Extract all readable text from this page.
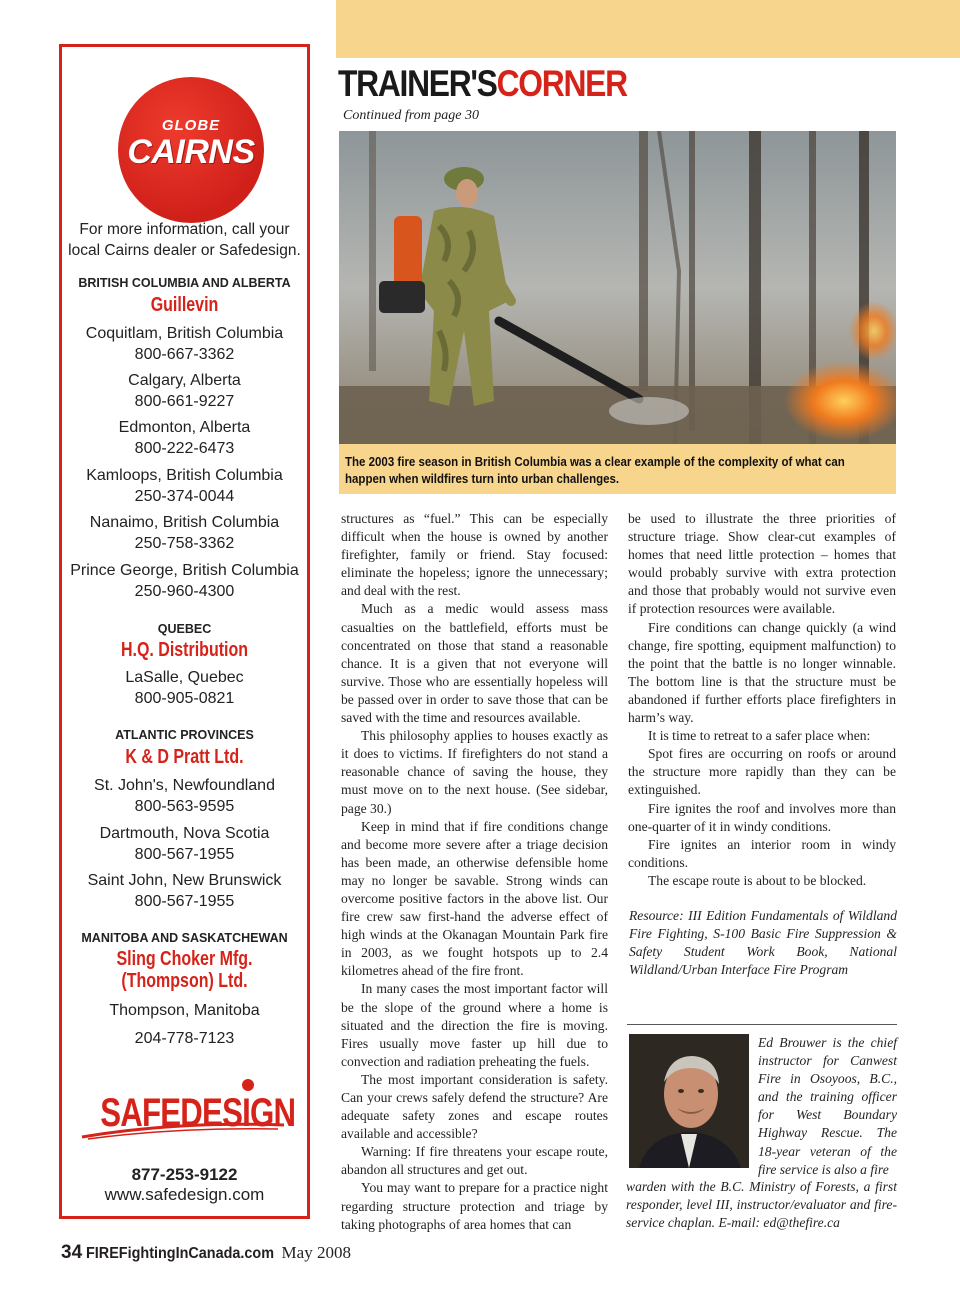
TRAINER'SCORNER
Continued from page 30
GLOBE
CAIRNS
For more information, call your
local Cairns dealer or Safedesign.
BRITISH COLUMBIA AND ALBERTA
Guillevin
Coquitlam, British Columbia
800-667-3362
Calgary, Alberta
800-661-9227
Edmonton, Alberta
800-222-6473
Kamloops, British Columbia
250-374-0044
Nanaimo, British Columbia
250-758-3362
Prince George, British Columbia
250-960-4300
QUEBEC
H.Q. Distribution
LaSalle, Quebec
800-905-0821
ATLANTIC PROVINCES
K & D Pratt Ltd.
St. John's, Newfoundland
800-563-9595
Dartmouth, Nova Scotia
800-567-1955
Saint John, New Brunswick
800-567-1955
MANITOBA AND SASKATCHEWAN
Sling Choker Mfg.
(Thompson) Ltd.
Thompson, Manitoba
204-778-7123
SAFEDESIGN
877-253-9122
www.safedesign.com
The 2003 fire season in British Columbia was a clear example of the complexity of what can happen when wildfires turn into urban challenges.

structures as “fuel.” This can be especially difficult when the house is owned by another firefighter, family or friend. Stay focused: eliminate the hopeless; ignore the unnecessary; and deal with the rest.

Much as a medic would assess mass casualties on the battlefield, efforts must be concentrated on those that stand a reasonable chance. It is a given that not everyone will survive. Those who are essentially hopeless will be passed over in order to save those that can be saved with the time and resources available.

This philosophy applies to houses exactly as it does to victims. If firefighters do not stand a reasonable chance of saving the house, they must move on to the next house. (See sidebar, page 30.)

Keep in mind that if fire conditions change and become more severe after a triage decision has been made, an otherwise defensible home may no longer be savable. Strong winds can overcome positive factors in the above list. Our fire crew saw first-hand the adverse effect of high winds at the Okanagan Mountain Park fire in 2003, as we fought hotspots up to 2.4 kilometres ahead of the fire front.

In many cases the most important factor will be the slope of the ground where a home is situated and the direction the fire is moving. Fires usually move faster up hill due to convection and radiation preheating the fuels.

The most important consideration is safety. Can your crews safely defend the structure? Are adequate safety zones and escape routes available and accessible?

Warning: If fire threatens your escape route, abandon all structures and get out.

You may want to prepare for a practice night regarding structure protection and triage by taking photographs of area homes that can

be used to illustrate the three priorities of structure triage. Show clear-cut examples of homes that need little protection – homes that would probably survive with extra protection and those that probably would not survive even if protection resources were available.

Fire conditions can change quickly (a wind change, fire spotting, equipment malfunction) to the point that the battle is no longer winnable. The bottom line is that the structure must be abandoned if further efforts place firefighters in harm’s way.

It is time to retreat to a safer place when:

Spot fires are occurring on roofs or around the structure more rapidly than they can be extinguished.

Fire ignites the roof and involves more than one-quarter of it in windy conditions.

Fire ignites an interior room in windy conditions.

The escape route is about to be blocked.

Resource: III Edition Fundamentals of Wildland Fire Fighting, S-100 Basic Fire Suppression & Safety Student Work Book, National Wildland/Urban Interface Fire Program
Ed Brouwer is the chief instructor for Canwest Fire in Osoyoos, B.C., and the training officer for West Boundary Highway Rescue. The 18-year veteran of the fire service is also a fire
warden with the B.C. Ministry of Forests, a first responder, level III, instructor/evaluator and fire-service chaplan. E-mail: ed@thefire.ca
34 FIREFightingInCanada.com May 2008
